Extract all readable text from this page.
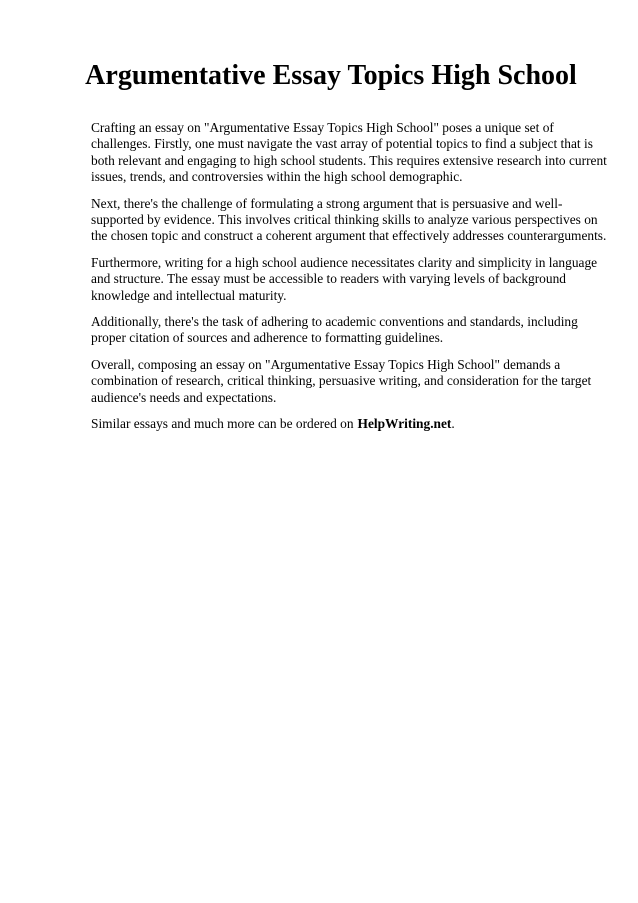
Argumentative Essay Topics High School

Crafting an essay on "Argumentative Essay Topics High School" poses a unique set of
challenges. Firstly, one must navigate the vast array of potential topics to find a subject that is
both relevant and engaging to high school students. This requires extensive research into current
issues, trends, and controversies within the high school demographic.

Next, there's the challenge of formulating a strong argument that is persuasive and well-
supported by evidence. This involves critical thinking skills to analyze various perspectives on
the chosen topic and construct a coherent argument that effectively addresses counterarguments.

Furthermore, writing for a high school audience necessitates clarity and simplicity in language
and structure. The essay must be accessible to readers with varying levels of background
knowledge and intellectual maturity.

Additionally, there's the task of adhering to academic conventions and standards, including
proper citation of sources and adherence to formatting guidelines.

Overall, composing an essay on "Argumentative Essay Topics High School" demands a
combination of research, critical thinking, persuasive writing, and consideration for the target
audience's needs and expectations.

Similar essays and much more can be ordered on HelpWriting.net.
